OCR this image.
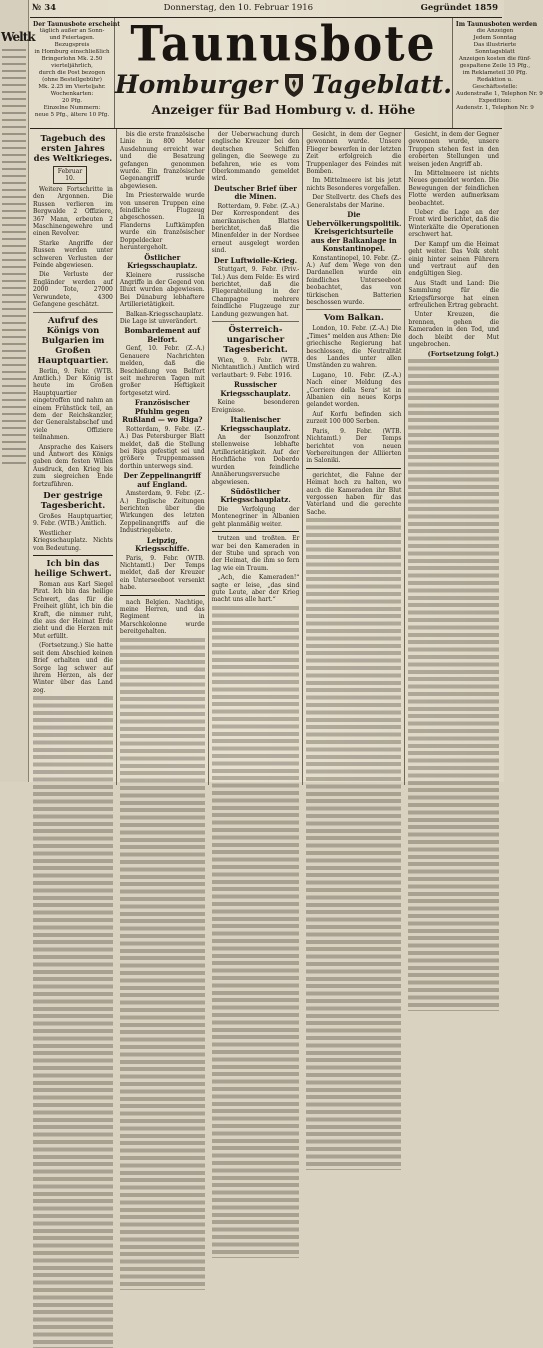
Weltk
№ 34	Donnerstag, den 10. Februar 1916	Gegründet 1859
Der Taunusbote erscheint
täglich außer an Sonn-
und Feiertagen.
Bezugspreis
in Homburg einschließlich
Bringerlohn Mk. 2.50
vierteljährlich,
durch die Post bezogen
(ohne Bestellgebühr)
Mk. 2.25 im Vierteljahr.
Wochenkarten:
20 Pfg.
Einzelne Nummern:
neue 5 Pfg., ältere 10 Pfg.
Taunusbote
Homburger Tageblatt.
Anzeiger für Bad Homburg v. d. Höhe
Im Taunusboten werden
die Anzeigen
Jedem Sonntag
Das illustrierte
Sonntagsblatt
Anzeigen kosten die fünf-
gespaltene Zeile 15 Pfg.,
im Reklameteil 30 Pfg.
Redaktion u.
Geschäftsstelle:
Audenstraße 1, Telephon Nr. 9
Expedition:
Audenstr. 1, Telephon Nr. 9
Tagebuch des ersten Jahres des Weltkrieges.
Februar 10.

Weitere Fortschritte in den Argonnen. Die Russen verlieren im Bergwalde 2 Offiziere, 367 Mann, erbeuten 2 Maschinengewehre und einen Revolver.

Starke Angriffe der Russen werden unter schweren Verlusten der Feinde abgewiesen.

Die Verluste der Engländer werden auf 2000 Tote, 27000 Verwundete, 4300 Gefangene geschätzt.

Aufruf des Königs von Bulgarien im Großen Hauptquartier.

Berlin, 9. Febr. (WTB. Amtlich.) Der König ist heute im Großen Hauptquartier eingetroffen und nahm an einem Frühstück teil, an dem der Reichskanzler, der Generalstabschef und viele Offiziere teilnahmen.

Ansprache des Kaisers und Antwort des Königs gaben dem festen Willen Ausdruck, den Krieg bis zum siegreichen Ende fortzuführen.

Der gestrige Tagesbericht.

Großes Hauptquartier, 9. Febr. (WTB.) Amtlich.

Westlicher Kriegsschauplatz. Nichts von Bedeutung.

Ich bin das heilige Schwert.

Roman aus Karl Siegel Pirat. Ich bin das heilige Schwert, das für die Freiheit glüht, ich bin die Kraft, die nimmer ruht, die aus der Heimat Erde zieht und die Herzen mit Mut erfüllt.

(Fortsetzung.) Sie hatte seit dem Abschied keinen Brief erhalten und die Sorge lag schwer auf ihrem Herzen, als der Winter über das Land zog.

bis die erste französische Linie in 800 Meter Ausdehnung erreicht war und die Besatzung gefangen genommen wurde. Ein französischer Gegenangriff wurde abgewiesen.

Im Priesterwalde wurde von unseren Truppen eine feindliche Flugzeug abgeschossen. In Flanderns Luftkämpfen wurde ein französischer Doppeldecker heruntergeholt.

Östlicher Kriegsschauplatz.

Kleinere russische Angriffe in der Gegend von Illuxt wurden abgewiesen. Bei Dünaburg lebhaftere Artillerietätigkeit.

Balkan-Kriegsschauplatz. Die Lage ist unverändert.

Bombardement auf Belfort.

Genf, 10. Febr. (Z.-A.) Genauere Nachrichten melden, daß die Beschießung von Belfort seit mehreren Tagen mit großer Heftigkeit fortgesetzt wird.

Französischer Pfuhlm gegen Rußland — wo Riga?

Rotterdam, 9. Febr. (Z.-A.) Das Petersburger Blatt meldet, daß die Stellung bei Riga gefestigt sei und größere Truppenmassen dorthin unterwegs sind.

Der Zeppelinangriff auf England.

Amsterdam, 9. Febr. (Z.-A.) Englische Zeitungen berichten über die Wirkungen des letzten Zeppelinangriffs auf die Industriegebiete.

Leipzig, Kriegsschiffe.

Paris, 9. Febr. (WTB. Nichtamtl.) Der Temps meldet, daß der Kreuzer ein Unterseeboot versenkt habe.

nach Belgien. Nachtige, meine Herren, und das Regiment in Marschkolonne wurde bereitgehalten.

der Ueberwachung durch englische Kreuzer bei den deutschen Schiffen gelingen, die Seewege zu befahren, wie es vom Oberkommando gemeldet wird.

Deutscher Brief über die Minen.

Rotterdam, 9. Febr. (Z.-A.) Der Korrespondent des amerikanischen Blattes berichtet, daß die Minenfelder in der Nordsee erneut ausgelegt worden sind.

Der Luftwiolle-Krieg.

Stuttgart, 9. Febr. (Priv.-Tel.) Aus dem Felde: Es wird berichtet, daß die Fliegerabteilung in der Champagne mehrere feindliche Flugzeuge zur Landung gezwungen hat.

Österreich-ungarischer Tagesbericht.

Wien, 9. Febr. (WTB. Nichtamtlich.) Amtlich wird verlautbart: 9. Febr. 1916.

Russischer Kriegsschauplatz.

Keine besonderen Ereignisse.

Italienischer Kriegsschauplatz.

An der Isonzofront stellenweise lebhafte Artillerietätigkeit. Auf der Hochfläche von Doberdo wurden feindliche Annäherungsversuche abgewiesen.

Südöstlicher Kriegsschauplatz.

Die Verfolgung der Montenegriner in Albanien geht planmäßig weiter.

trutzen und troßten. Er war bei den Kameraden in der Stube und sprach von der Heimat, die ihm so fern lag wie ein Traum.

„Ach, die Kameraden!“ sagte er leise, „das sind gute Leute, aber der Krieg macht uns alle hart.“

Gesicht, in dem der Gegner gewonnen wurde. Unsere Flieger bewerfen in der letzten Zeit erfolgreich die Truppenlager des Feindes mit Bomben.

Im Mittelmeere ist bis jetzt nichts Besonderes vorgefallen.

Der Stellvertr. des Chefs des Generalstabs der Marine.

Die Uebervölkerungspolitik. Kreisgerichtsurteile aus der Balkanlage in Konstantinopel.

Konstantinopel, 10. Febr. (Z.-A.) Auf dem Wege von den Dardanellen wurde ein feindliches Unterseeboot beobachtet, das von türkischen Batterien beschossen wurde.

Vom Balkan.

London, 10. Febr. (Z.-A.) Die „Times“ melden aus Athen: Die griechische Regierung hat beschlossen, die Neutralität des Landes unter allen Umständen zu wahren.

Lugano, 10. Febr. (Z.-A.) Nach einer Meldung des „Corriere della Sera“ ist in Albanien ein neues Korps gelandet worden.

Auf Korfu befinden sich zurzeit 100 000 Serben.

Paris, 9. Febr. (WTB. Nichtamtl.) Der Temps berichtet von neuen Vorbereitungen der Alliierten in Saloniki.

gerichtet, die Fahne der Heimat hoch zu halten, wo auch die Kameraden ihr Blut vergossen haben für das Vaterland und die gerechte Sache.

Gesicht, in dem der Gegner gewonnen wurde, unsere Truppen stehen fest in den eroberten Stellungen und weisen jeden Angriff ab.

Im Mittelmeere ist nichts Neues gemeldet worden. Die Bewegungen der feindlichen Flotte werden aufmerksam beobachtet.

Ueber die Lage an der Front wird berichtet, daß die Winterkälte die Operationen erschwert hat.

Der Kampf um die Heimat geht weiter. Das Volk steht einig hinter seinen Führern und vertraut auf den endgültigen Sieg.

Aus Stadt und Land: Die Sammlung für die Kriegsfürsorge hat einen erfreulichen Ertrag gebracht.

Unter Kreuzen, die brennen, gehen die Kameraden in den Tod, und doch bleibt der Mut ungebrochen.

(Fortsetzung folgt.)
